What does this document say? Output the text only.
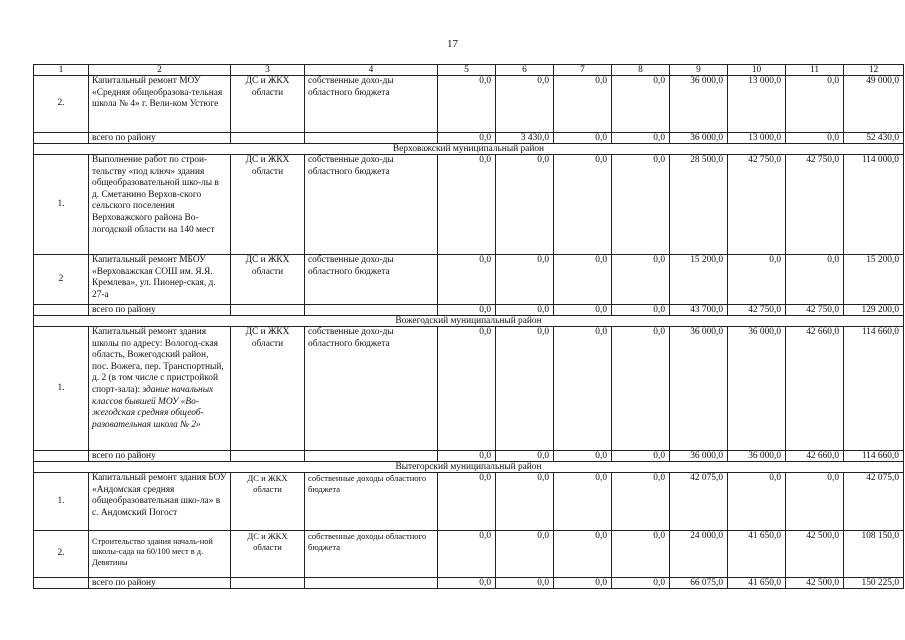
17
1	2	3	4	5	6	7	8	9	10	11	12
2.	Капитальный ремонт МОУ «Средняя общеобразова-тельная школа № 4» г. Вели-ком Устюге	ДС и ЖКХ области	собственные дохо-ды областного бюджета	0,0	0,0	0,0	0,0	36 000,0	13 000,0	0,0	49 000,0
	всего по району			0,0	3 430,0	0,0	0,0	36 000,0	13 000,0	0,0	52 430,0
Верховажский муниципальный район											
1.	Выполнение работ по строи-тельству «под ключ» здания общеобразовательной шко-лы в д. Сметанино Верхов-ского сельского поселения Верховажского района Во-логодской области на 140 мест	ДС и ЖКХ области	собственные дохо-ды областного бюджета	0,0	0,0	0,0	0,0	28 500,0	42 750,0	42 750,0	114 000,0
2	Капитальный ремонт МБОУ «Верховажская СОШ им. Я.Я. Кремлева», ул. Пионер-ская, д. 27-а	ДС и ЖКХ области	собственные дохо-ды областного бюджета	0,0	0,0	0,0	0,0	15 200,0	0,0	0,0	15 200,0
	всего по району			0,0	0,0	0,0	0,0	43 700,0	42 750,0	42 750,0	129 200,0
Вожегодский муниципальный район											
1.	Капитальный ремонт здания школы по адресу: Вологод-ская область, Вожегодский район, пос. Вожега, пер. Транспортный, д. 2 (в том числе с пристройкой спорт-зала): здание начальных классов бывшей МОУ «Во-жегодская средняя общеоб-разовательная школа № 2»	ДС и ЖКХ области	собственные дохо-ды областного бюджета	0,0	0,0	0,0	0,0	36 000,0	36 000,0	42 660,0	114 660,0
	всего по району			0,0	0,0	0,0	0,0	36 000,0	36 000,0	42 660,0	114 660,0
Вытегорский муниципальный район											
1.	Капитальный ремонт здания БОУ «Андомская средняя общеобразовательная шко-ла» в с. Андомский Погост	ДС и ЖКХ области	собственные доходы областного бюджета	0,0	0,0	0,0	0,0	42 075,0	0,0	0,0	42 075,0
2.	Строительство здания началь-ной школы-сада на 60/100 мест в д. Девятины	ДС и ЖКХ области	собственные доходы областного бюджета	0,0	0,0	0,0	0,0	24 000,0	41 650,0	42 500,0	108 150,0
	всего по району			0,0	0,0	0,0	0,0	66 075,0	41 650,0	42 500,0	150 225,0
